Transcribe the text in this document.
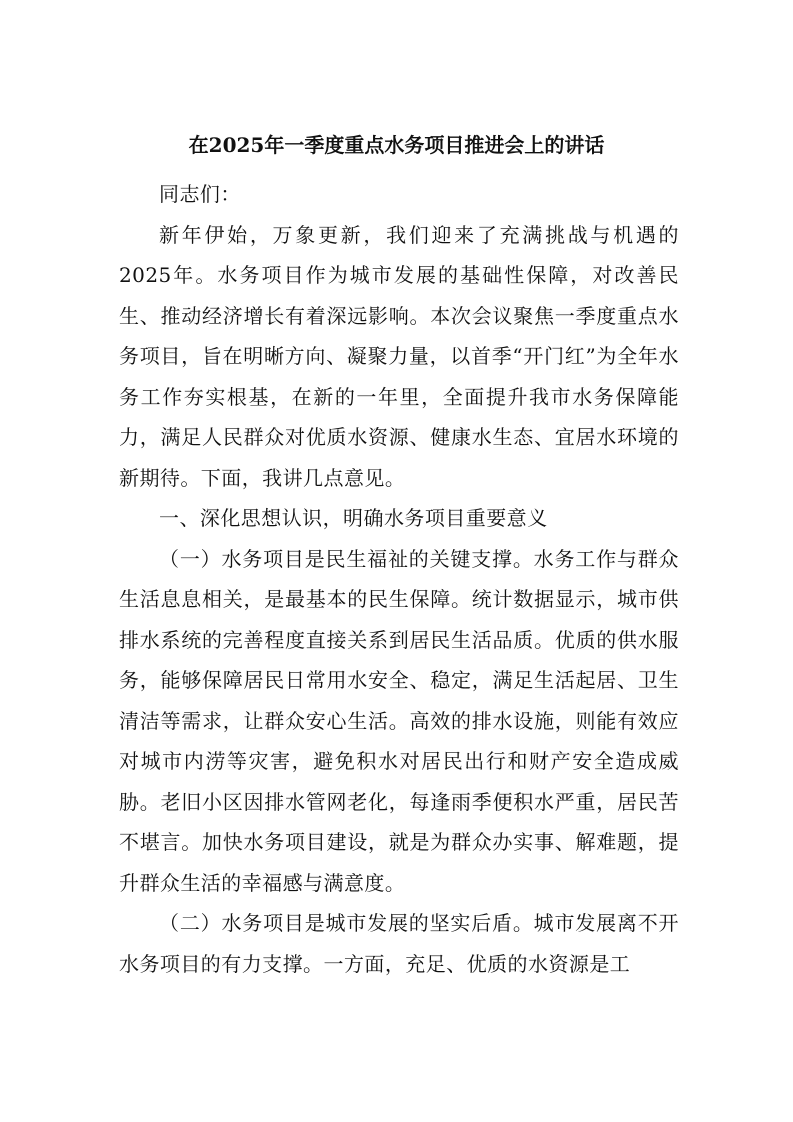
在2025年一季度重点水务项目推进会上的讲话

同志们：

新年伊始，万象更新，我们迎来了充满挑战与机遇的2025年。水务项目作为城市发展的基础性保障，对改善民生、推动经济增长有着深远影响。本次会议聚焦一季度重点水务项目，旨在明晰方向、凝聚力量，以首季“开门红”为全年水务工作夯实根基，在新的一年里，全面提升我市水务保障能力，满足人民群众对优质水资源、健康水生态、宜居水环境的新期待。下面，我讲几点意见。

一、深化思想认识，明确水务项目重要意义

（一）水务项目是民生福祉的关键支撑。水务工作与群众生活息息相关，是最基本的民生保障。统计数据显示，城市供排水系统的完善程度直接关系到居民生活品质。优质的供水服务，能够保障居民日常用水安全、稳定，满足生活起居、卫生清洁等需求，让群众安心生活。高效的排水设施，则能有效应对城市内涝等灾害，避免积水对居民出行和财产安全造成威胁。老旧小区因排水管网老化，每逢雨季便积水严重，居民苦不堪言。加快水务项目建设，就是为群众办实事、解难题，提升群众生活的幸福感与满意度。

（二）水务项目是城市发展的坚实后盾。城市发展离不开水务项目的有力支撑。一方面，充足、优质的水资源是工
